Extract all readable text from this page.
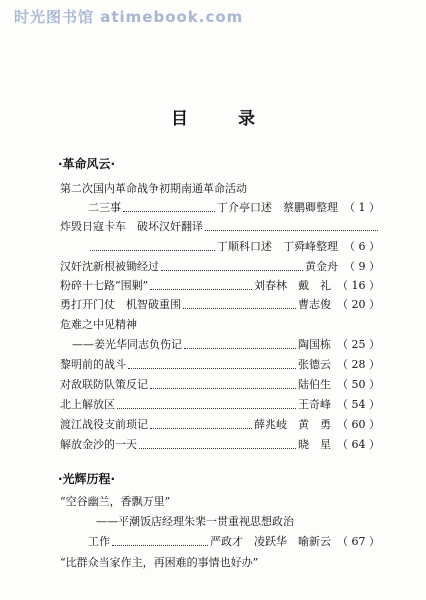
时光图书馆 atimebook.com
目 录
·革命风云·
第二次国内革命战争初期南通革命活动
二三事	丁介亭口述　蔡鹏卿整理 （ 1 ）
炸毁日寇卡车　破坏汉奸翻译
丁顺科口述　丁舜峰整理 （ 6 ）
汉奸沈新根被锄经过	黄金舟 （ 9 ）
粉碎十七路“围剿”	刘春林　戴　礼 （ 16 ）
勇打开门仗　机智破重围	曹志俊 （ 20 ）
危难之中见精神
——姜光华同志负伤记	陶国栋 （ 25 ）
黎明前的战斗	张德云 （ 28 ）
对敌联防队策反记	陆伯生 （ 50 ）
北上解放区	王奇峰 （ 54 ）
渡江战役支前琐记	薛兆岐　黄　勇 （ 60 ）
解放金沙的一天	晓　星 （ 64 ）
·光辉历程·
“空谷幽兰，香飘万里”
——平潮饭店经理朱棐一贯重视思想政治
工作	严政才　凌跃华　喻新云 （ 67 ）
“比群众当家作主，再困难的事情也好办”
